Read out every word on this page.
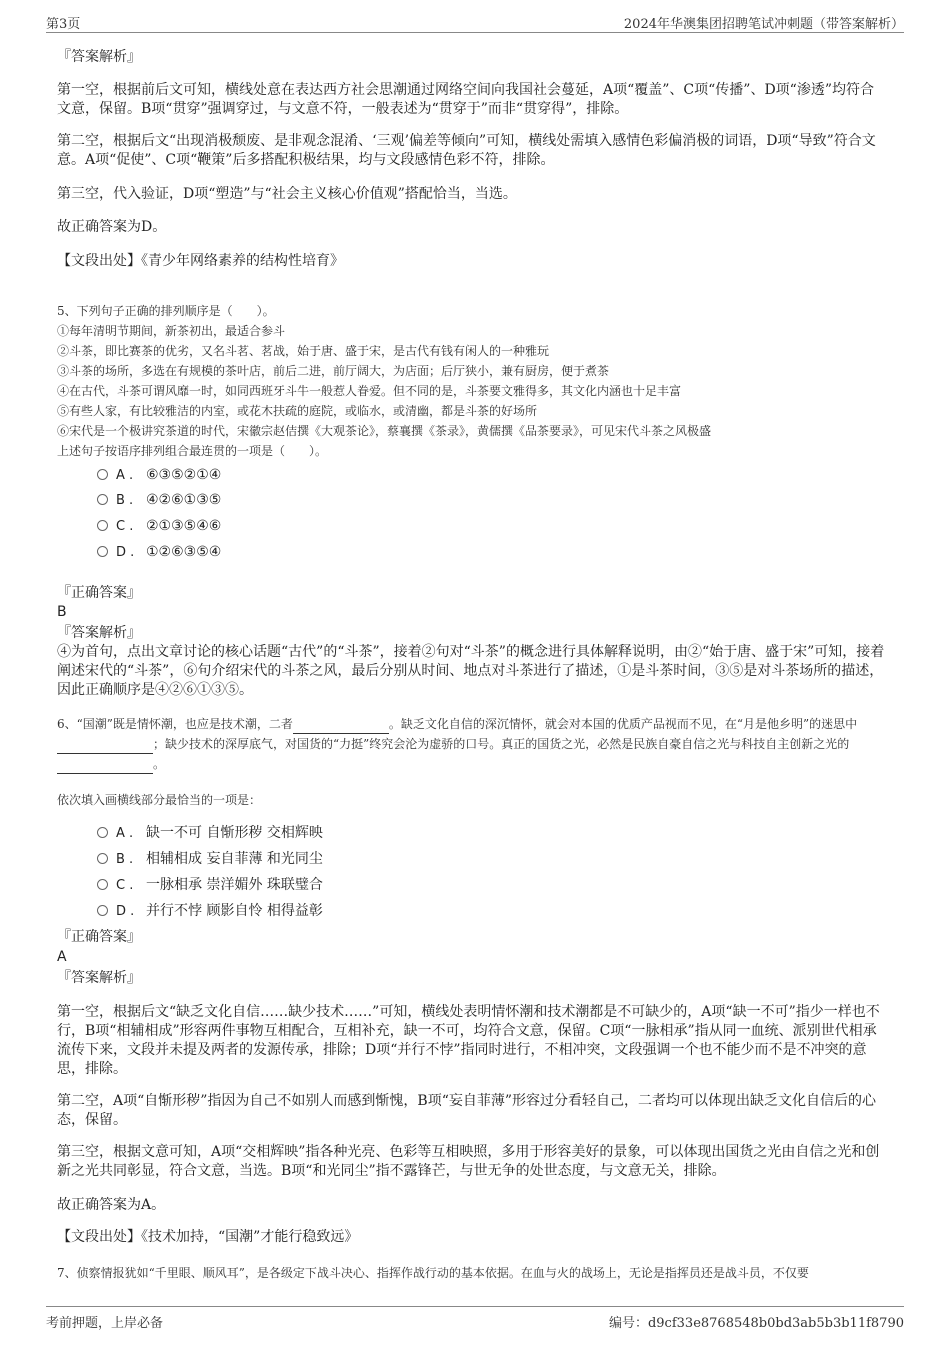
第3页	2024年华澳集团招聘笔试冲刺题（带答案解析）

『答案解析』

第一空，根据前后文可知，横线处意在表达西方社会思潮通过网络空间向我国社会蔓延，A项“覆盖”、C项“传播”、D项“渗透”均符合文意，保留。B项“贯穿”强调穿过，与文意不符，一般表述为“贯穿于”而非“贯穿得”，排除。

第二空，根据后文“出现消极颓废、是非观念混淆、‘三观’偏差等倾向”可知，横线处需填入感情色彩偏消极的词语，D项“导致”符合文意。A项“促使”、C项“鞭策”后多搭配积极结果，均与文段感情色彩不符，排除。

第三空，代入验证，D项“塑造”与“社会主义核心价值观”搭配恰当，当选。

故正确答案为D。

【文段出处】《青少年网络素养的结构性培育》

5、下列句子正确的排列顺序是（　　）。
①每年清明节期间，新茶初出，最适合参斗
②斗茶，即比赛茶的优劣，又名斗茗、茗战，始于唐、盛于宋，是古代有钱有闲人的一种雅玩
③斗茶的场所，多选在有规模的茶叶店，前后二进，前厅阔大，为店面；后厅狭小，兼有厨房，便于煮茶
④在古代，斗茶可谓风靡一时，如同西班牙斗牛一般惹人眷爱。但不同的是，斗茶要文雅得多，其文化内涵也十足丰富
⑤有些人家，有比较雅洁的内室，或花木扶疏的庭院，或临水，或清幽，都是斗茶的好场所
⑥宋代是一个极讲究茶道的时代，宋徽宗赵佶撰《大观茶论》，蔡襄撰《茶录》，黄儒撰《品茶要录》，可见宋代斗茶之风极盛
上述句子按语序排列组合最连贯的一项是（　　）。
A . ⑥③⑤②①④
B . ④②⑥①③⑤
C . ②①③⑤④⑥
D . ①②⑥③⑤④

『正确答案』

B

『答案解析』

④为首句，点出文章讨论的核心话题“古代”的“斗茶”，接着②句对“斗茶”的概念进行具体解释说明，由②“始于唐、盛于宋”可知，接着阐述宋代的“斗茶”，⑥句介绍宋代的斗茶之风，最后分别从时间、地点对斗茶进行了描述，①是斗茶时间，③⑤是对斗茶场所的描述，因此正确顺序是④②⑥①③⑤。

6、“国潮”既是情怀潮，也应是技术潮，二者	。缺乏文化自信的深沉情怀，就会对本国的优质产品视而不见，在“月是他乡明”的迷思中；缺少技术的深厚底气，对国货的“力挺”终究会沦为虚骄的口号。真正的国货之光，必然是民族自豪自信之光与科技自主创新之光的。

依次填入画横线部分最恰当的一项是：

A . 缺一不可 自惭形秽 交相辉映
B . 相辅相成 妄自菲薄 和光同尘
C . 一脉相承 崇洋媚外 珠联璧合
D . 并行不悖 顾影自怜 相得益彰

『正确答案』

A

『答案解析』

第一空，根据后文“缺乏文化自信……缺少技术……”可知，横线处表明情怀潮和技术潮都是不可缺少的，A项“缺一不可”指少一样也不行，B项“相辅相成”形容两件事物互相配合，互相补充，缺一不可，均符合文意，保留。C项“一脉相承”指从同一血统、派别世代相承流传下来，文段并未提及两者的发源传承，排除；D项“并行不悖”指同时进行，不相冲突，文段强调一个也不能少而不是不冲突的意思，排除。

第二空，A项“自惭形秽”指因为自己不如别人而感到惭愧，B项“妄自菲薄”形容过分看轻自己，二者均可以体现出缺乏文化自信后的心态，保留。

第三空，根据文意可知，A项“交相辉映”指各种光亮、色彩等互相映照，多用于形容美好的景象，可以体现出国货之光由自信之光和创新之光共同彰显，符合文意，当选。B项“和光同尘”指不露锋芒，与世无争的处世态度，与文意无关，排除。

故正确答案为A。

【文段出处】《技术加持，“国潮”才能行稳致远》

7、侦察情报犹如“千里眼、顺风耳”，是各级定下战斗决心、指挥作战行动的基本依据。在血与火的战场上，无论是指挥员还是战斗员，不仅要

考前押题，上岸必备	编号：d9cf33e8768548b0bd3ab5b3b11f8790
